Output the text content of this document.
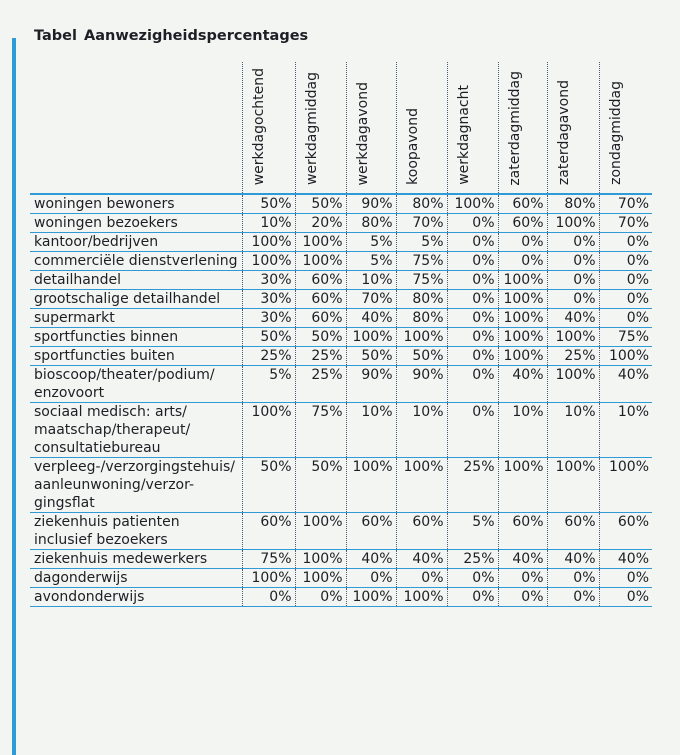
Tabel Aanwezigheidspercentages
	werkdagochtend	werkdagmiddag	werkdagavond	koopavond	werkdagnacht	zaterdagmiddag	zaterdagavond	zondagmiddag
woningen bewoners	50%	50%	90%	80%	100%	60%	80%	70%
woningen bezoekers	10%	20%	80%	70%	0%	60%	100%	70%
kantoor/bedrijven	100%	100%	5%	5%	0%	0%	0%	0%
commerciële dienstverlening	100%	100%	5%	75%	0%	0%	0%	0%
detailhandel	30%	60%	10%	75%	0%	100%	0%	0%
grootschalige detailhandel	30%	60%	70%	80%	0%	100%	0%	0%
supermarkt	30%	60%	40%	80%	0%	100%	40%	0%
sportfuncties binnen	50%	50%	100%	100%	0%	100%	100%	75%
sportfuncties buiten	25%	25%	50%	50%	0%	100%	25%	100%
bioscoop/theater/podium/
enzovoort	5%	25%	90%	90%	0%	40%	100%	40%
sociaal medisch: arts/
maatschap/therapeut/
consultatiebureau	100%	75%	10%	10%	0%	10%	10%	10%
verpleeg-/verzorgingstehuis/
aanleunwoning/verzor-
gingsflat	50%	50%	100%	100%	25%	100%	100%	100%
ziekenhuis patienten
inclusief bezoekers	60%	100%	60%	60%	5%	60%	60%	60%
ziekenhuis medewerkers	75%	100%	40%	40%	25%	40%	40%	40%
dagonderwijs	100%	100%	0%	0%	0%	0%	0%	0%
avondonderwijs	0%	0%	100%	100%	0%	0%	0%	0%
